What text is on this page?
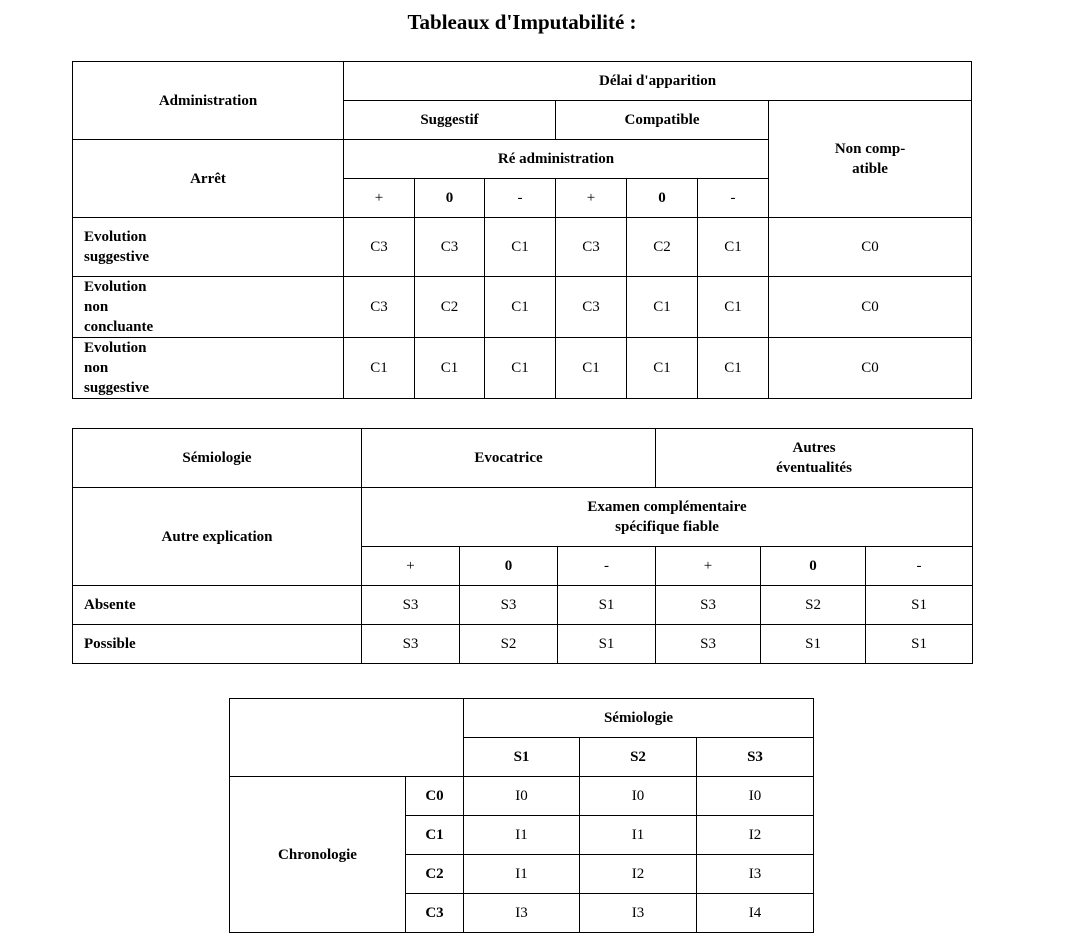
Tableaux d'Imputabilité :
Administration	Délai d'apparition						
	Suggestif			Compatible			Non comp-
atible
Arrêt	Ré administration						
	+	0	-	+	0	-	
Evolution suggestive	C3	C3	C1	C3	C2	C1	C0
Evolution non concluante	C3	C2	C1	C3	C1	C1	C0
Evolution non suggestive	C1	C1	C1	C1	C1	C1	C0
Sémiologie	Evocatrice			Autres éventualités		
Autre explication	Examen complémentaire spécifique fiable					
	+	0	-	+	0	-
Absente	S3	S3	S1	S3	S2	S1
Possible	S3	S2	S1	S3	S1	S1
		Sémiologie		
		S1	S2	S3
Chronologie	C0	I0	I0	I0
	C1	I1	I1	I2
	C2	I1	I2	I3
	C3	I3	I3	I4
